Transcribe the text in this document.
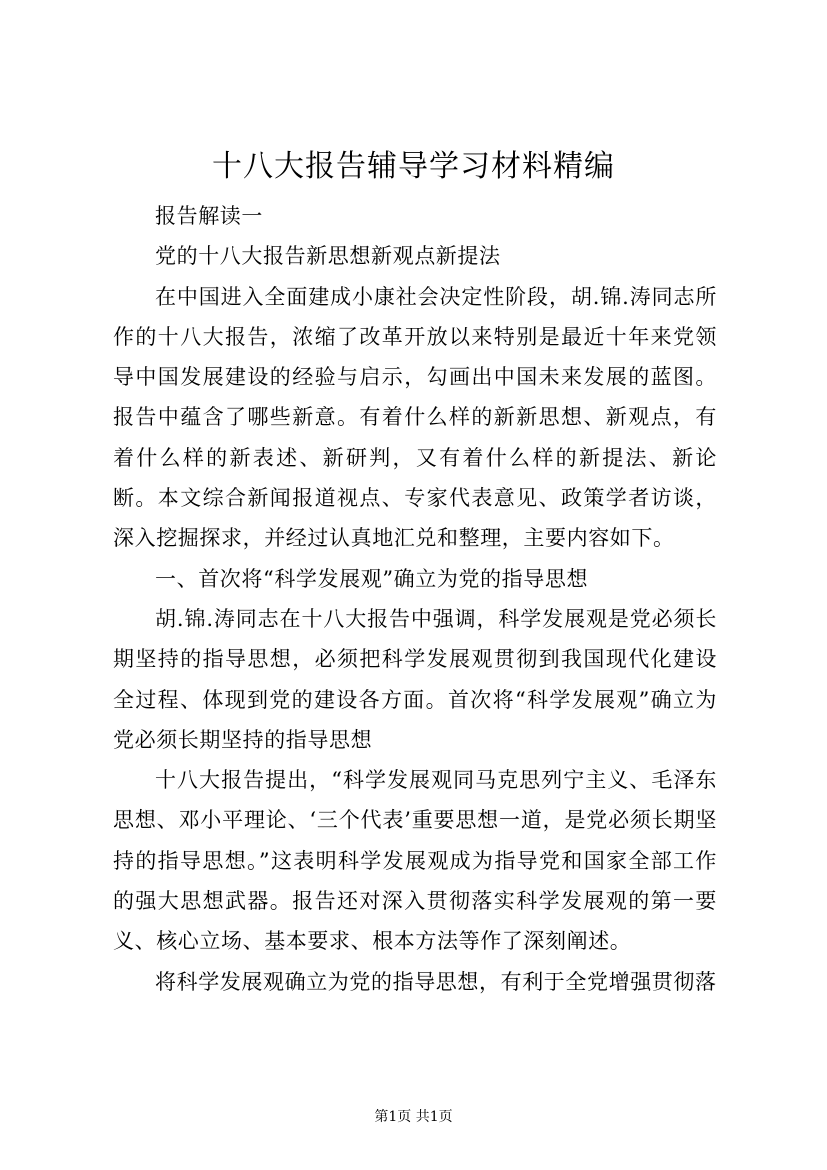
十八大报告辅导学习材料精编

报告解读一

党的十八大报告新思想新观点新提法

在中国进入全面建成小康社会决定性阶段，胡.锦.涛同志所作的十八大报告，浓缩了改革开放以来特别是最近十年来党领导中国发展建设的经验与启示，勾画出中国未来发展的蓝图。报告中蕴含了哪些新意。有着什么样的新新思想、新观点，有着什么样的新表述、新研判，又有着什么样的新提法、新论断。本文综合新闻报道视点、专家代表意见、政策学者访谈，深入挖掘探求，并经过认真地汇兑和整理，主要内容如下。

一、首次将“科学发展观”确立为党的指导思想

胡.锦.涛同志在十八大报告中强调，科学发展观是党必须长期坚持的指导思想，必须把科学发展观贯彻到我国现代化建设全过程、体现到党的建设各方面。首次将“科学发展观”确立为党必须长期坚持的指导思想

十八大报告提出，“科学发展观同马克思列宁主义、毛泽东思想、邓小平理论、‘三个代表’重要思想一道，是党必须长期坚持的指导思想。”这表明科学发展观成为指导党和国家全部工作的强大思想武器。报告还对深入贯彻落实科学发展观的第一要义、核心立场、基本要求、根本方法等作了深刻阐述。

将科学发展观确立为党的指导思想，有利于全党增强贯彻落

第1页 共1页
